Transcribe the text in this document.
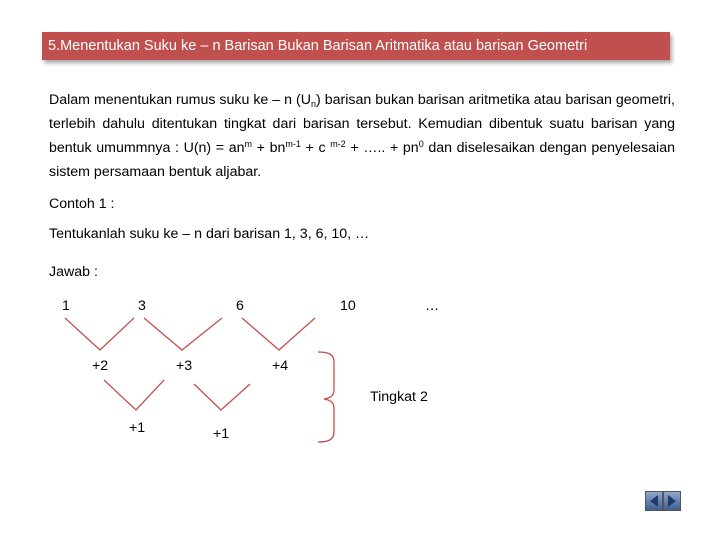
5.Menentukan Suku ke – n Barisan Bukan Barisan Aritmatika atau barisan Geometri
Dalam menentukan rumus suku ke – n $(U_n)$ barisan bukan barisan aritmetika atau barisan geometri, terlebih dahulu ditentukan tingkat dari barisan tersebut. Kemudian dibentuk suatu barisan yang bentuk umummnya : $U(n) = an^m + bn^{m-1} + c$ $^{m-2}$ + ….. + $pn^0$ dan diselesaikan dengan penyelesaian sistem persamaan bentuk aljabar.
Contoh 1 :
Tentukanlah suku ke – n dari barisan 1, 3, 6, 10, …
Jawab :
1	3	6	10	…
+2	+3	+4
+1	+1
Tingkat 2
